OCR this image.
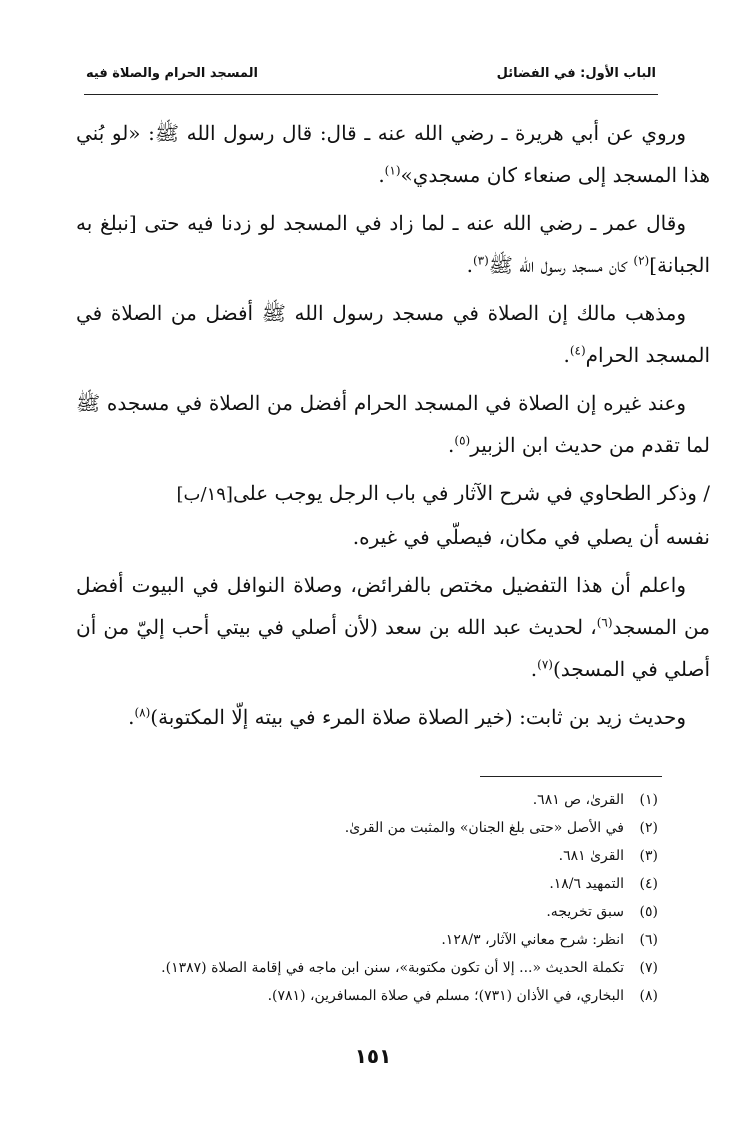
الباب الأول: في الفضائل
المسجد الحرام والصلاة فيه

وروي عن أبي هريرة ـ رضي الله عنه ـ قال: قال رسول الله ﷺ: «لو بُني هذا المسجد إلى صنعاء كان مسجدي»$^{(١)}$.

وقال عمر ـ رضي الله عنه ـ لما زاد في المسجد لو زدنا فيه حتى [نبلغ به الجبانة]$^{(٢)}$ كان مسجد رسول الله ﷺ$^{(٣)}$.

ومذهب مالك إن الصلاة في مسجد رسول الله ﷺ أفضل من الصلاة في المسجد الحرام$^{(٤)}$.

وعند غيره إن الصلاة في المسجد الحرام أفضل من الصلاة في مسجده ﷺ لما تقدم من حديث ابن الزبير$^{(٥)}$.

/ وذكر الطحاوي في شرح الآثار في باب الرجل يوجب على[١٩/ب]
نفسه أن يصلي في مكان، فيصلّي في غيره.

واعلم أن هذا التفضيل مختص بالفرائض، وصلاة النوافل في البيوت أفضل من المسجد$^{(٦)}$، لحديث عبد الله بن سعد (لأن أصلي في بيتي أحب إليّ من أن أصلي في المسجد)$^{(٧)}$.

وحديث زيد بن ثابت: (خير الصلاة صلاة المرء في بيته إلّا المكتوبة)$^{(٨)}$.

(١)
القرىٰ، ص ٦٨١.
(٢)
في الأصل «حتى بلغ الجنان» والمثبت من القرىٰ.
(٣)
القرىٰ ٦٨١.
(٤)
التمهيد ١٨/٦.
(٥)
سبق تخريجه.
(٦)
انظر: شرح معاني الآثار، ١٢٨/٣.
(٧)
تكملة الحديث «... إلا أن تكون مكتوبة»، سنن ابن ماجه في إقامة الصلاة (١٣٨٧).
(٨)
البخاري، في الأذان (٧٣١)؛ مسلم في صلاة المسافرين، (٧٨١).
١٥١
